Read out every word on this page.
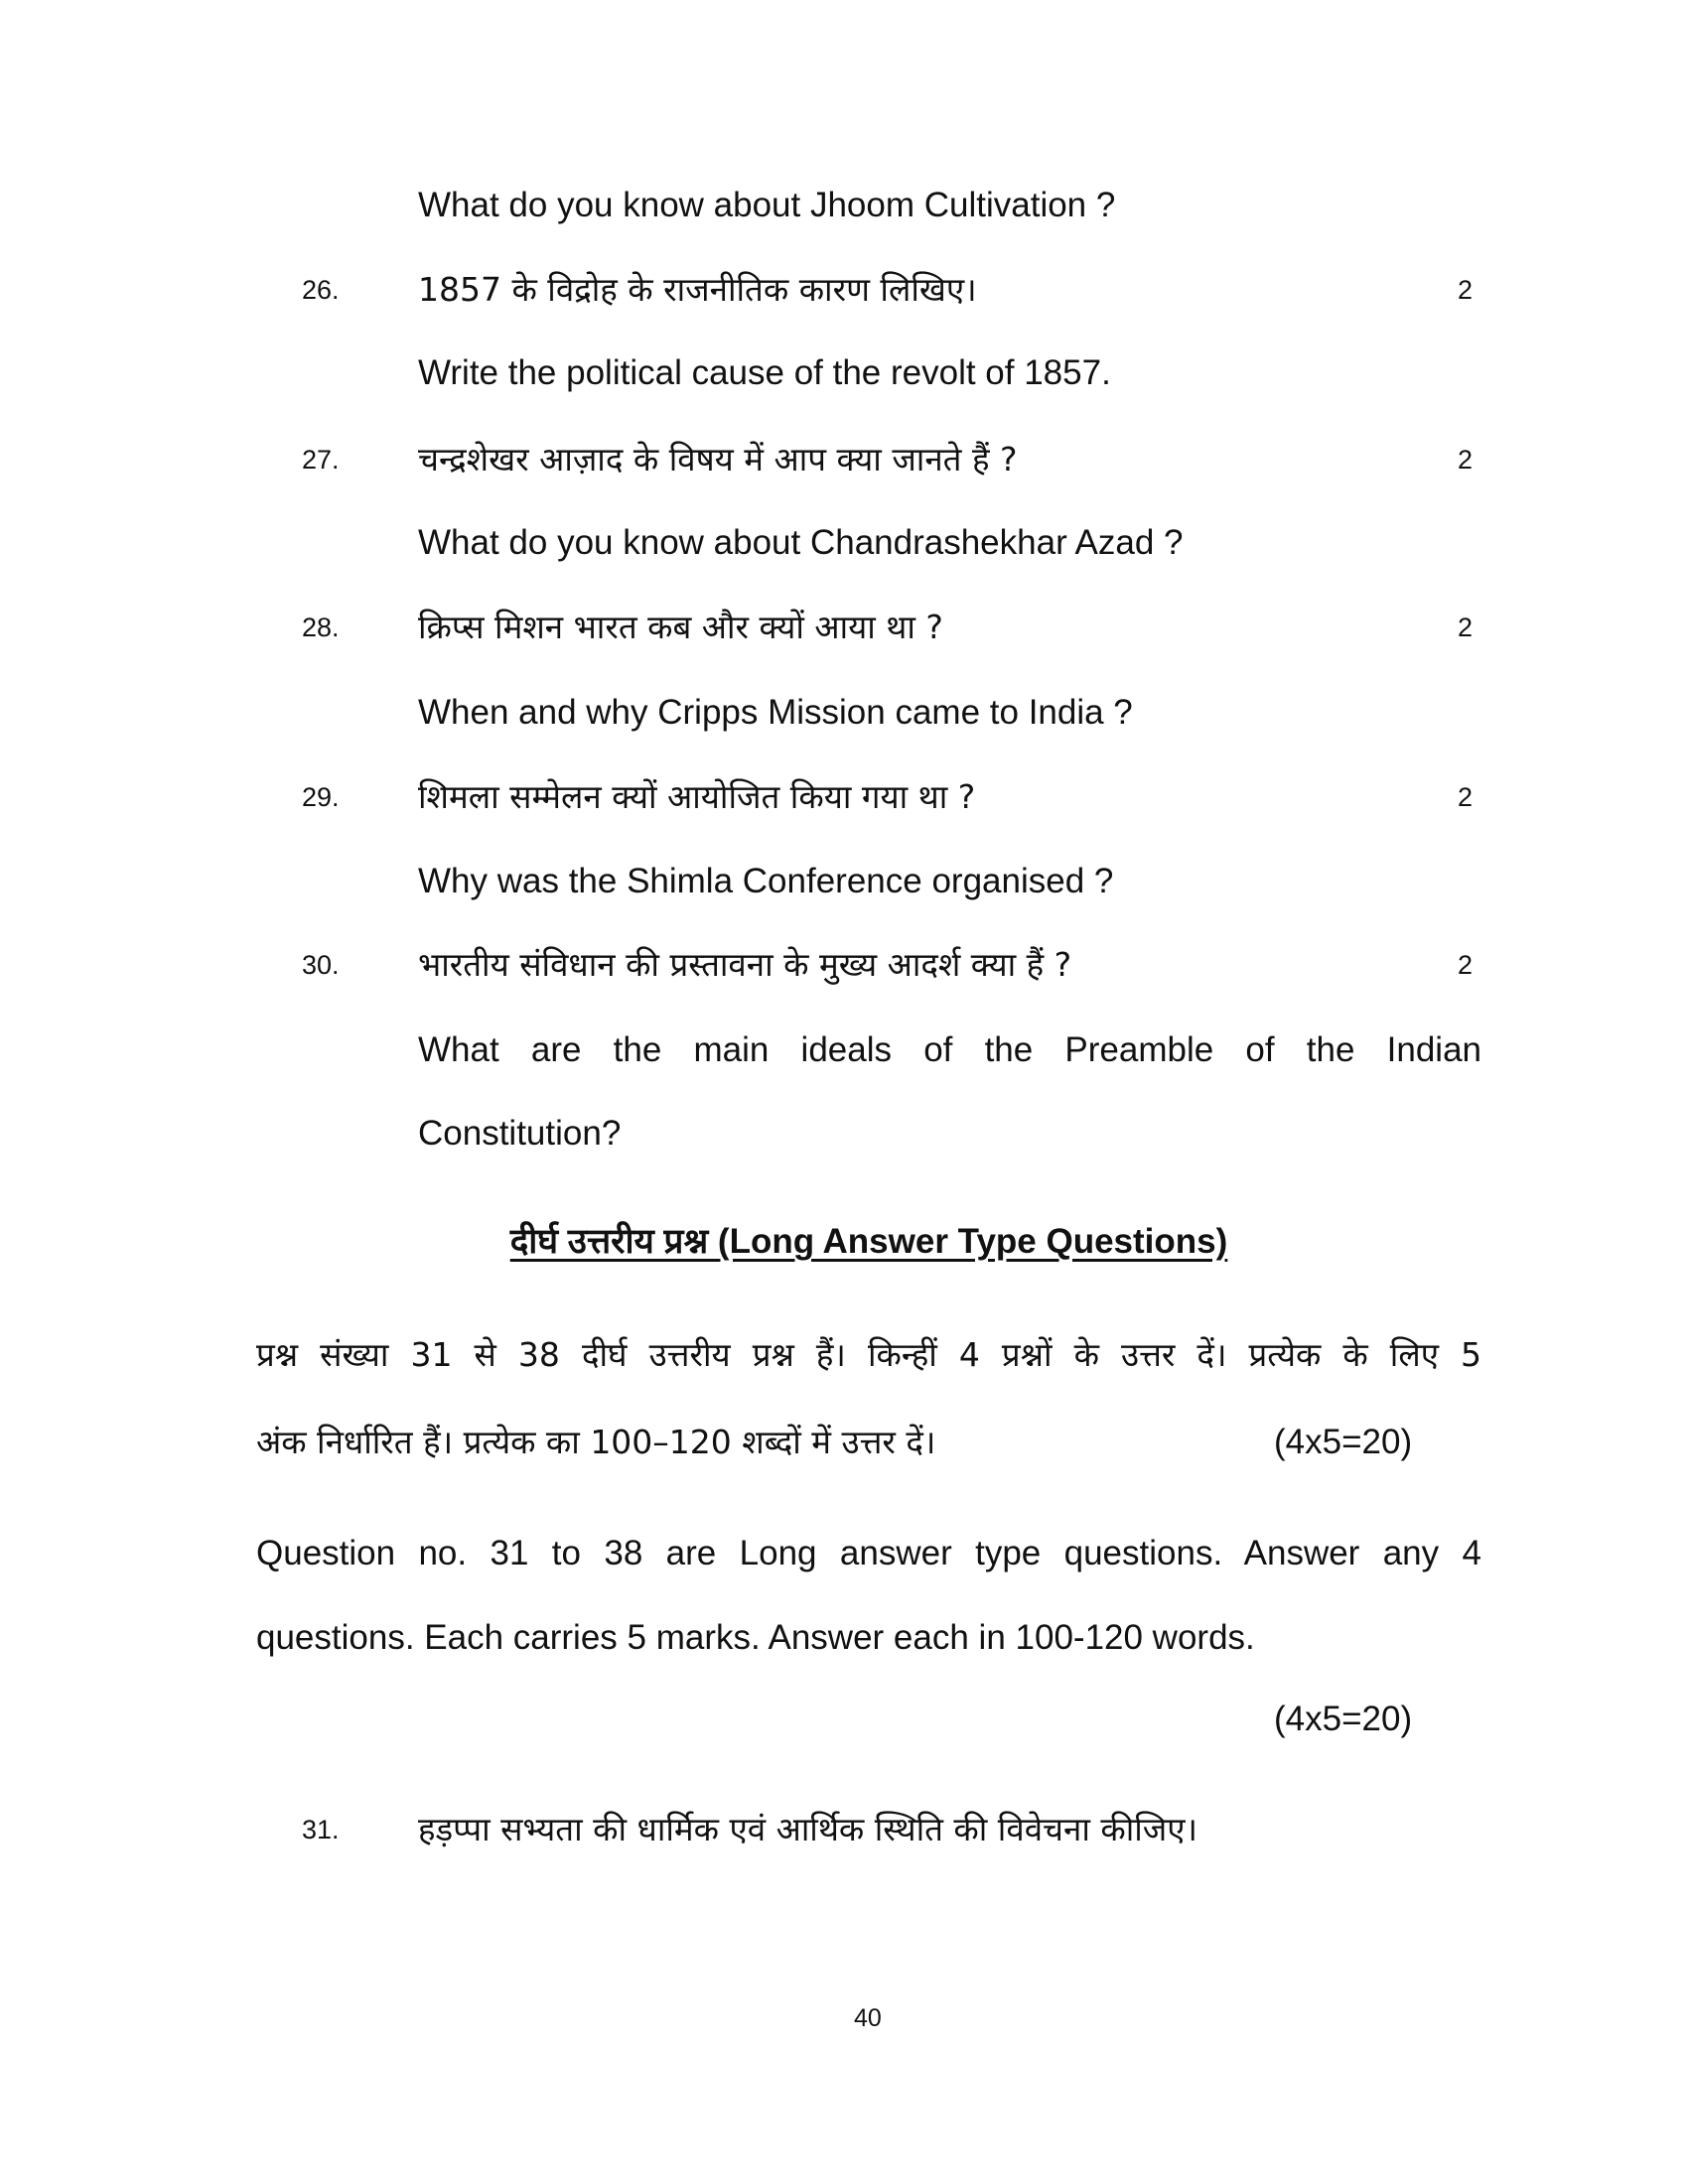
What do you know about Jhoom Cultivation ?
26. 1857 के विद्रोह के राजनीतिक कारण लिखिए।	2
Write the political cause of the revolt of 1857.
27. चन्द्रशेखर आज़ाद के विषय में आप क्या जानते हैं ?	2
What do you know about Chandrashekhar Azad ?
28. क्रिप्स मिशन भारत कब और क्यों आया था ?	2
When and why Cripps Mission came to India ?
29. शिमला सम्मेलन क्यों आयोजित किया गया था ?	2
Why was the Shimla Conference organised ?
30. भारतीय संविधान की प्रस्तावना के मुख्य आदर्श क्या हैं ?	2
What are the main ideals of the Preamble of the Indian
Constitution?
दीर्घ उत्तरीय प्रश्न (Long Answer Type Questions)
प्रश्न संख्या 31 से 38 दीर्घ उत्तरीय प्रश्न हैं। किन्हीं 4 प्रश्नों के उत्तर दें। प्रत्येक के लिए 5
अंक निर्धारित हैं। प्रत्येक का 100–120 शब्दों में उत्तर दें।	(4x5=20)
Question no. 31 to 38 are Long answer type questions. Answer any 4
questions. Each carries 5 marks. Answer each in 100-120 words.
(4x5=20)
31. हड़प्पा सभ्यता की धार्मिक एवं आर्थिक स्थिति की विवेचना कीजिए।
40
